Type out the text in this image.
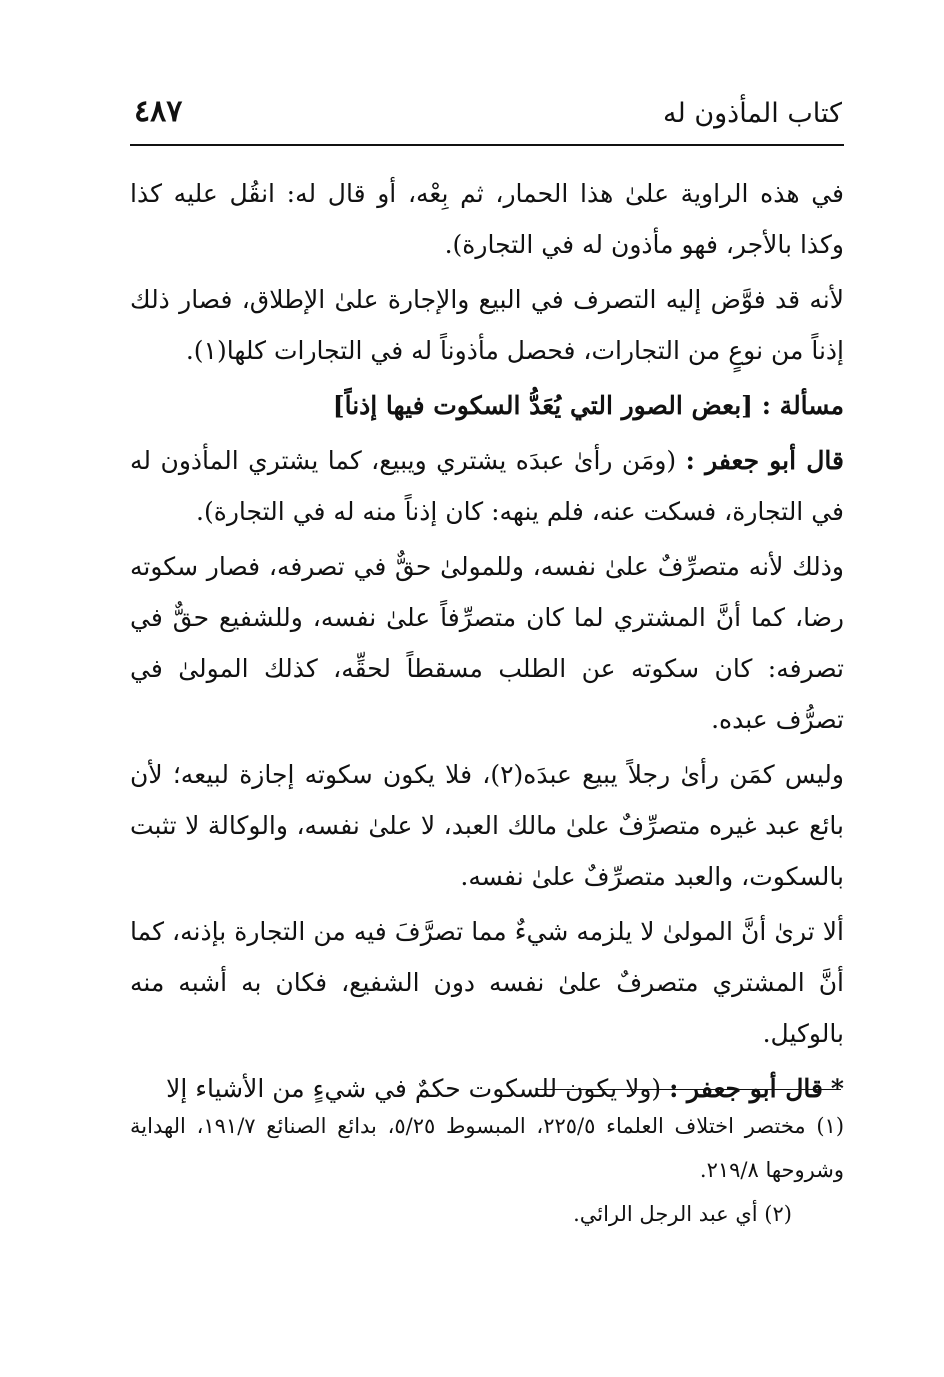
كتاب المأذون له
٤٨٧

في هذه الراوية علىٰ هذا الحمار، ثم بِعْه، أو قال له: انقُل عليه كذا وكذا بالأجر، فهو مأذون له في التجارة).

لأنه قد فوَّض إليه التصرف في البيع والإجارة علىٰ الإطلاق، فصار ذلك إذناً من نوعٍ من التجارات، فحصل مأذوناً له في التجارات كلها(١).

مسألة : [بعض الصور التي يُعَدُّ السكوت فيها إذناً]

قال أبو جعفر : (ومَن رأىٰ عبدَه يشتري ويبيع، كما يشتري المأذون له في التجارة، فسكت عنه، فلم ينهه: كان إذناً منه له في التجارة).

وذلك لأنه متصرِّفٌ علىٰ نفسه، وللمولىٰ حقٌّ في تصرفه، فصار سكوته رضا، كما أنَّ المشتري لما كان متصرِّفاً علىٰ نفسه، وللشفيع حقٌّ في تصرفه: كان سكوته عن الطلب مسقطاً لحقِّه، كذلك المولىٰ في تصرُّف عبده.

وليس كمَن رأىٰ رجلاً يبيع عبدَه(٢)، فلا يكون سكوته إجازة لبيعه؛ لأن بائع عبد غيره متصرِّفٌ علىٰ مالك العبد، لا علىٰ نفسه، والوكالة لا تثبت بالسكوت، والعبد متصرِّفٌ علىٰ نفسه.

ألا ترىٰ أنَّ المولىٰ لا يلزمه شيءٌ مما تصرَّفَ فيه من التجارة بإذنه، كما أنَّ المشتري متصرفٌ علىٰ نفسه دون الشفيع، فكان به أشبه منه بالوكيل.

* قال أبو جعفر : (ولا يكون للسكوت حكمٌ في شيءٍ من الأشياء إلا

(١) مختصر اختلاف العلماء ٢٢٥/٥، المبسوط ٥/٢٥، بدائع الصنائع ١٩١/٧، الهداية وشروحها ٢١٩/٨.

(٢) أي عبد الرجل الرائي.
